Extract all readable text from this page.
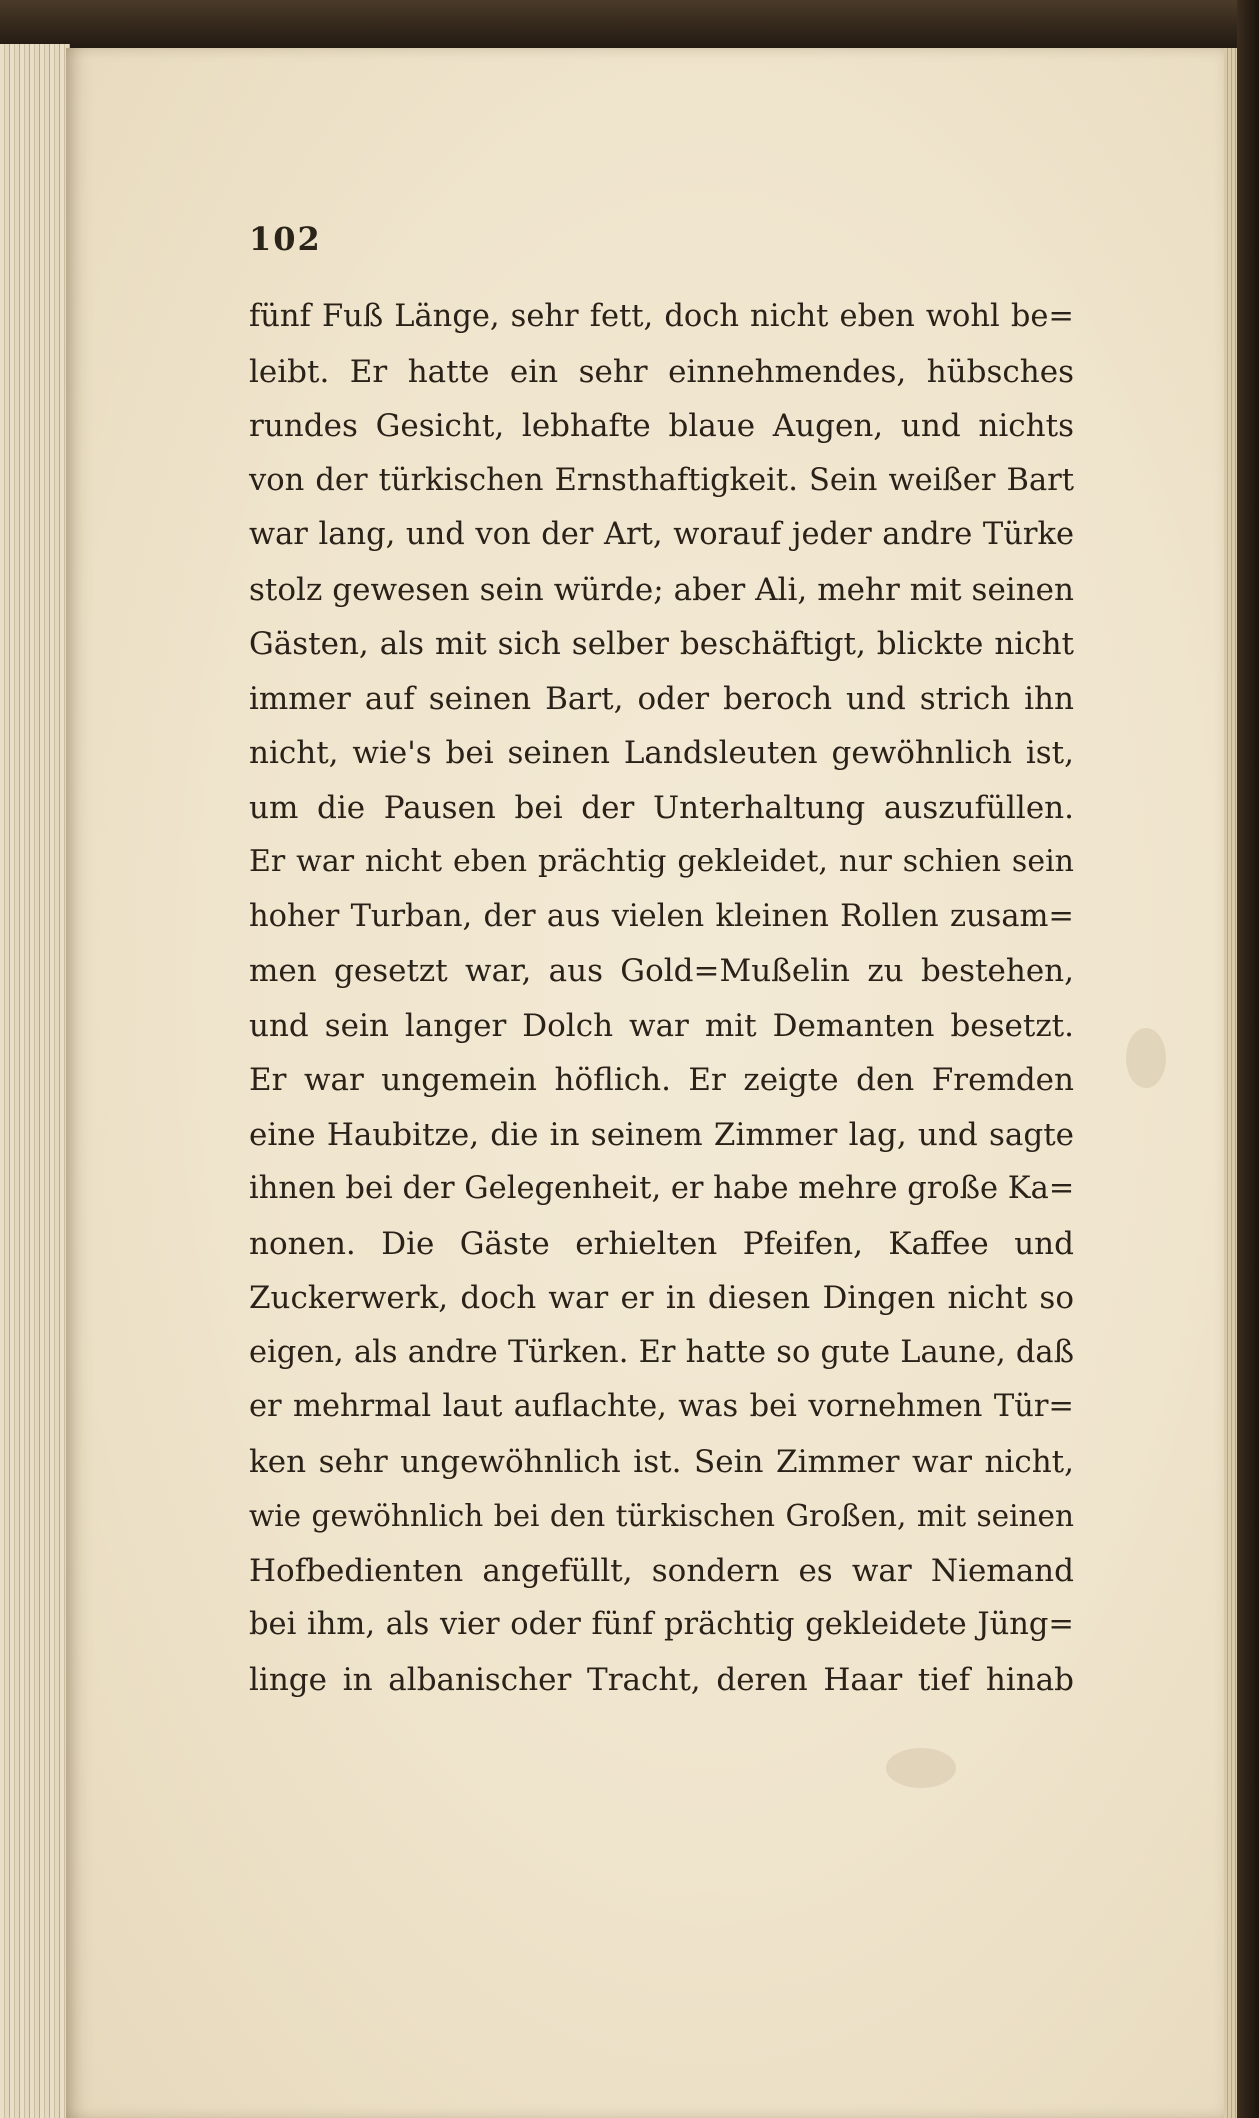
102
fünf Fuß Länge, sehr fett, doch nicht eben wohl be=
leibt. Er hatte ein sehr einnehmendes, hübsches
rundes Gesicht, lebhafte blaue Augen, und nichts
von der türkischen Ernsthaftigkeit. Sein weißer Bart
war lang, und von der Art, worauf jeder andre Türke
stolz gewesen sein würde; aber Ali, mehr mit seinen
Gästen, als mit sich selber beschäftigt, blickte nicht
immer auf seinen Bart, oder beroch und strich ihn
nicht, wie's bei seinen Landsleuten gewöhnlich ist,
um die Pausen bei der Unterhaltung auszufüllen.
Er war nicht eben prächtig gekleidet, nur schien sein
hoher Turban, der aus vielen kleinen Rollen zusam=
men gesetzt war, aus Gold=Mußelin zu bestehen,
und sein langer Dolch war mit Demanten besetzt.
Er war ungemein höflich. Er zeigte den Fremden
eine Haubitze, die in seinem Zimmer lag, und sagte
ihnen bei der Gelegenheit, er habe mehre große Ka=
nonen. Die Gäste erhielten Pfeifen, Kaffee und
Zuckerwerk, doch war er in diesen Dingen nicht so
eigen, als andre Türken. Er hatte so gute Laune, daß
er mehrmal laut auflachte, was bei vornehmen Tür=
ken sehr ungewöhnlich ist. Sein Zimmer war nicht,
wie gewöhnlich bei den türkischen Großen, mit seinen
Hofbedienten angefüllt, sondern es war Niemand
bei ihm, als vier oder fünf prächtig gekleidete Jüng=
linge in albanischer Tracht, deren Haar tief hinab
